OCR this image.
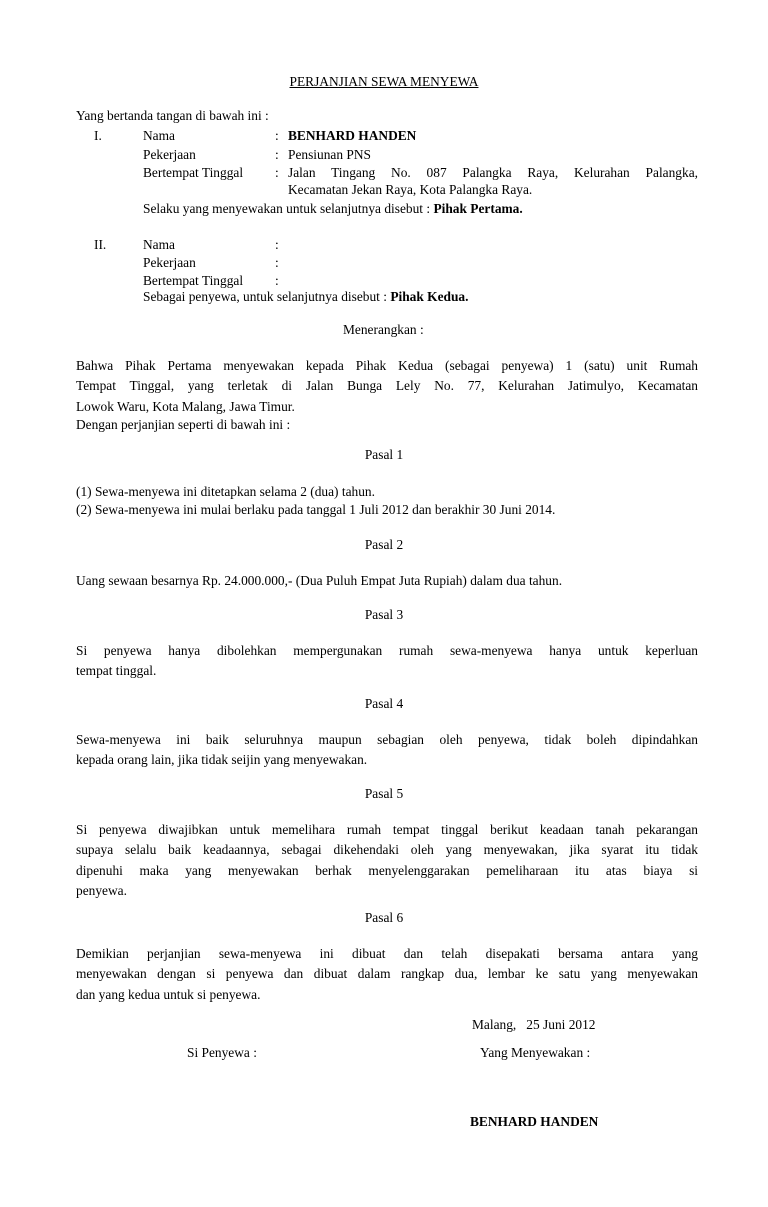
PERJANJIAN SEWA MENYEWA
Yang bertanda tangan di bawah ini :
I.	Nama	: BENHARD HANDEN
Pekerjaan	: Pensiunan PNS
Bertempat Tinggal : Jalan Tingang No. 087 Palangka Raya, Kelurahan Palangka,
Kecamatan Jekan Raya, Kota Palangka Raya.
Selaku yang menyewakan untuk selanjutnya disebut : Pihak Pertama.
II.	Nama	:
Pekerjaan	:
Bertempat Tinggal :
Sebagai penyewa, untuk selanjutnya disebut : Pihak Kedua.
Menerangkan :
Bahwa Pihak Pertama menyewakan kepada Pihak Kedua (sebagai penyewa) 1 (satu) unit Rumah
Tempat Tinggal, yang terletak di Jalan Bunga Lely No. 77, Kelurahan Jatimulyo, Kecamatan
Lowok Waru, Kota Malang, Jawa Timur.
Dengan perjanjian seperti di bawah ini :
Pasal 1
(1) Sewa-menyewa ini ditetapkan selama 2 (dua) tahun.
(2) Sewa-menyewa ini mulai berlaku pada tanggal 1 Juli 2012 dan berakhir 30 Juni 2014.
Pasal 2
Uang sewaan besarnya Rp. 24.000.000,- (Dua Puluh Empat Juta Rupiah) dalam dua tahun.
Pasal 3
Si penyewa hanya dibolehkan mempergunakan rumah sewa-menyewa hanya untuk keperluan
tempat tinggal.
Pasal 4
Sewa-menyewa ini baik seluruhnya maupun sebagian oleh penyewa, tidak boleh dipindahkan
kepada orang lain, jika tidak seijin yang menyewakan.
Pasal 5
Si penyewa diwajibkan untuk memelihara rumah tempat tinggal berikut keadaan tanah pekarangan
supaya selalu baik keadaannya, sebagai dikehendaki oleh yang menyewakan, jika syarat itu tidak
dipenuhi maka yang menyewakan berhak menyelenggarakan pemeliharaan itu atas biaya si
penyewa.
Pasal 6
Demikian perjanjian sewa-menyewa ini dibuat dan telah disepakati bersama antara yang
menyewakan dengan si penyewa dan dibuat dalam rangkap dua, lembar ke satu yang menyewakan
dan yang kedua untuk si penyewa.
Malang,   25 Juni 2012
Si Penyewa :	Yang Menyewakan :
BENHARD HANDEN
